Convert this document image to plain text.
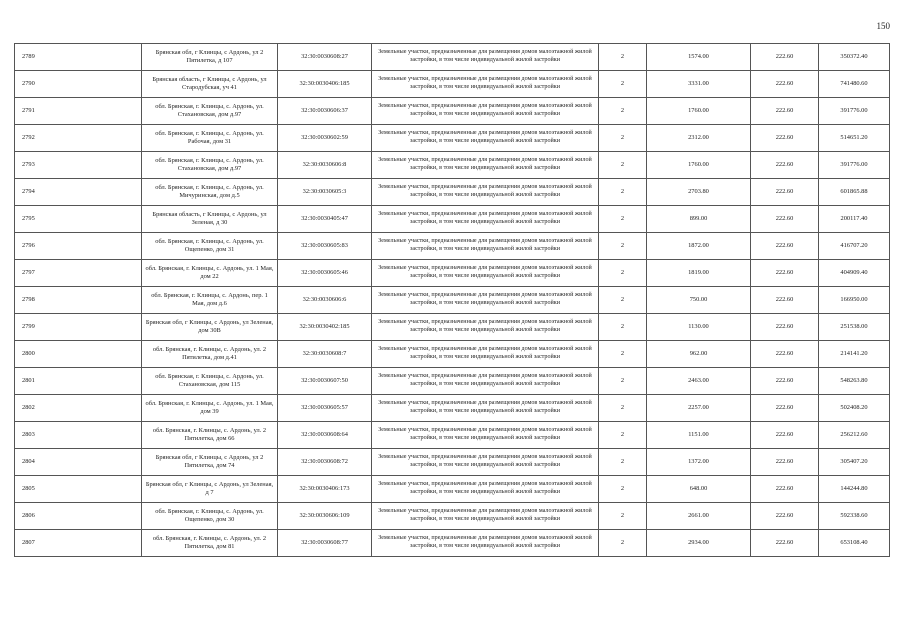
150
2789	Брянская обл, г Клинцы, с Ардонь, ул 2 Пятилетка, д 107	32:30:0030608:27	Земельные участки, предназначенные для размещения домов малоэтажной жилой застройки, в том числе индивидуальной жилой застройки	2	1574.00	222.60	350372.40
2790	Брянская область, г Клинцы, с Ардонь, ул Стародубская, уч 41	32:30:0030406:185	Земельные участки, предназначенные для размещения домов малоэтажной жилой застройки, в том числе индивидуальной жилой застройки	2	3331.00	222.60	741480.60
2791	обл. Брянская, г. Клинцы, с. Ардонь, ул. Стахановская, дом д.97	32:30:0030606:37	Земельные участки, предназначенные для размещения домов малоэтажной жилой застройки, в том числе индивидуальной жилой застройки	2	1760.00	222.60	391776.00
2792	обл. Брянская, г. Клинцы, с. Ардонь, ул. Рабочая, дом 31	32:30:0030602:59	Земельные участки, предназначенные для размещения домов малоэтажной жилой застройки, в том числе индивидуальной жилой застройки	2	2312.00	222.60	514651.20
2793	обл. Брянская, г. Клинцы, с. Ардонь, ул. Стахановская, дом д.97	32:30:0030606:8	Земельные участки, предназначенные для размещения домов малоэтажной жилой застройки, в том числе индивидуальной жилой застройки	2	1760.00	222.60	391776.00
2794	обл. Брянская, г. Клинцы, с. Ардонь, ул. Мичуринская, дом д.5	32:30:0030605:3	Земельные участки, предназначенные для размещения домов малоэтажной жилой застройки, в том числе индивидуальной жилой застройки	2	2703.80	222.60	601865.88
2795	Брянская область, г Клинцы, с Ардонь, ул Зеленая, д 30	32:30:0030405:47	Земельные участки, предназначенные для размещения домов малоэтажной жилой застройки, в том числе индивидуальной жилой застройки	2	899.00	222.60	200117.40
2796	обл. Брянская, г. Клинцы, с. Ардонь, ул. Ощепенко, дом 31	32:30:0030605:83	Земельные участки, предназначенные для размещения домов малоэтажной жилой застройки, в том числе индивидуальной жилой застройки	2	1872.00	222.60	416707.20
2797	обл. Брянская, г. Клинцы, с. Ардонь, ул. 1 Мая, дом 22	32:30:0030605:46	Земельные участки, предназначенные для размещения домов малоэтажной жилой застройки, в том числе индивидуальной жилой застройки	2	1819.00	222.60	404909.40
2798	обл. Брянская, г. Клинцы, с. Ардонь, пер. 1 Мая, дом д.6	32:30:0030606:6	Земельные участки, предназначенные для размещения домов малоэтажной жилой застройки, в том числе индивидуальной жилой застройки	2	750.00	222.60	166950.00
2799	Брянская обл, г Клинцы, с Ардонь, ул Зеленая, дом 30В	32:30:0030402:185	Земельные участки, предназначенные для размещения домов малоэтажной жилой застройки, в том числе индивидуальной жилой застройки	2	1130.00	222.60	251538.00
2800	обл. Брянская, г. Клинцы, с. Ардонь, ул. 2 Пятилетка, дом д.41	32:30:0030608:7	Земельные участки, предназначенные для размещения домов малоэтажной жилой застройки, в том числе индивидуальной жилой застройки	2	962.00	222.60	214141.20
2801	обл. Брянская, г. Клинцы, с. Ардонь, ул. Стахановская, дом 115	32:30:0030607:50	Земельные участки, предназначенные для размещения домов малоэтажной жилой застройки, в том числе индивидуальной жилой застройки	2	2463.00	222.60	548263.80
2802	обл. Брянская, г. Клинцы, с. Ардонь, ул. 1 Мая, дом 39	32:30:0030605:57	Земельные участки, предназначенные для размещения домов малоэтажной жилой застройки, в том числе индивидуальной жилой застройки	2	2257.00	222.60	502408.20
2803	обл. Брянская, г. Клинцы, с. Ардонь, ул. 2 Пятилетка, дом 66	32:30:0030608:64	Земельные участки, предназначенные для размещения домов малоэтажной жилой застройки, в том числе индивидуальной жилой застройки	2	1151.00	222.60	256212.60
2804	Брянская обл, г Клинцы, с Ардонь, ул 2 Пятилетка, дом 74	32:30:0030608:72	Земельные участки, предназначенные для размещения домов малоэтажной жилой застройки, в том числе индивидуальной жилой застройки	2	1372.00	222.60	305407.20
2805	Брянская обл, г Клинцы, с Ардонь, ул Зеленая, д 7	32:30:0030406:173	Земельные участки, предназначенные для размещения домов малоэтажной жилой застройки, в том числе индивидуальной жилой застройки	2	648.00	222.60	144244.80
2806	обл. Брянская, г. Клинцы, с. Ардонь, ул. Ощепенко, дом 30	32:30:0030606:109	Земельные участки, предназначенные для размещения домов малоэтажной жилой застройки, в том числе индивидуальной жилой застройки	2	2661.00	222.60	592338.60
2807	обл. Брянская, г. Клинцы, с. Ардонь, ул. 2 Пятилетка, дом 81	32:30:0030608:77	Земельные участки, предназначенные для размещения домов малоэтажной жилой застройки, в том числе индивидуальной жилой застройки	2	2934.00	222.60	653108.40
